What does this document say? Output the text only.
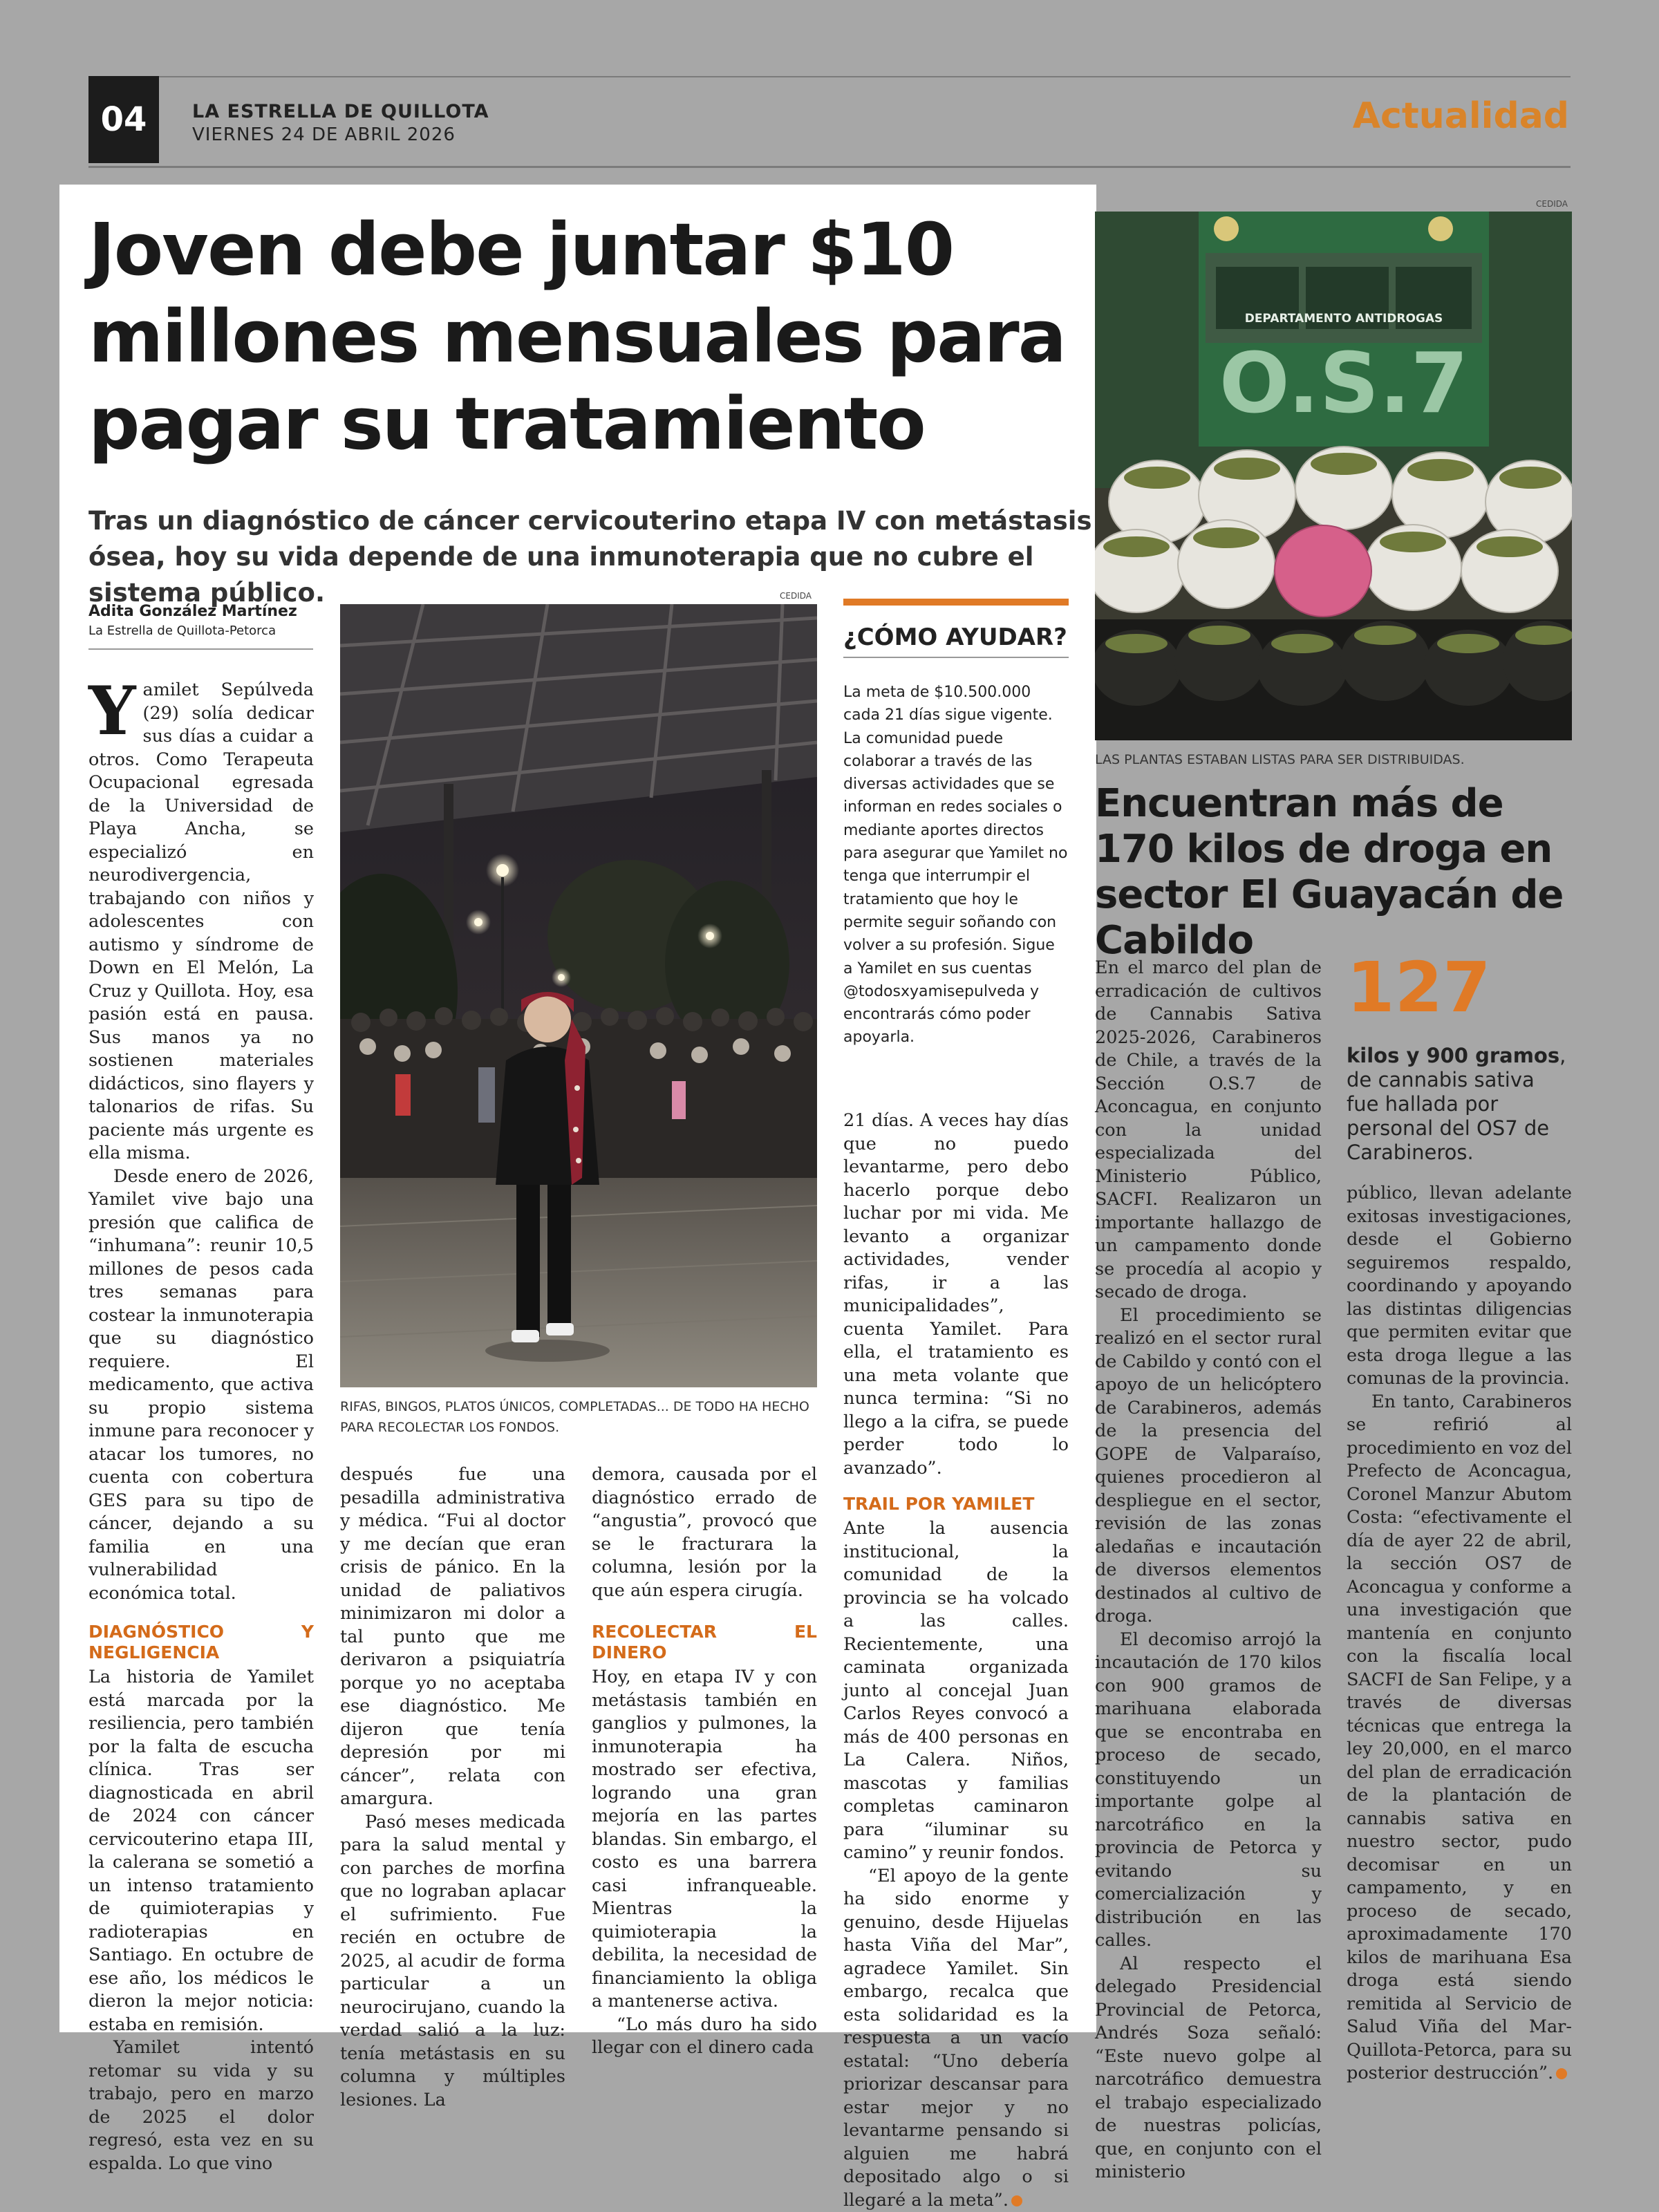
04	LA ESTRELLA DE QUILLOTA
VIERNES 24 DE ABRIL 2026	Actualidad
Joven debe juntar $10 millones mensuales para pagar su tratamiento

Tras un diagnóstico de cáncer cervicouterino etapa IV con metástasis ósea, hoy su vida depende de una inmunoterapia que no cubre el sistema público.

Adita González Martínez
La Estrella de Quillota-Petorca

Yamilet Sepúlveda (29) solía dedicar sus días a cuidar a otros. Como Terapeuta Ocupacional egresada de la Universidad de Playa Ancha, se especializó en neurodivergencia, trabajando con niños y adolescentes con autismo y síndrome de Down en El Melón, La Cruz y Quillota. Hoy, esa pasión está en pausa. Sus manos ya no sostienen materiales didácticos, sino flayers y talonarios de rifas. Su paciente más urgente es ella misma.

Desde enero de 2026, Yamilet vive bajo una presión que califica de “inhumana”: reunir 10,5 millones de pesos cada tres semanas para costear la inmunoterapia que su diagnóstico requiere. El medicamento, que activa su propio sistema inmune para reconocer y atacar los tumores, no cuenta con cobertura GES para su tipo de cáncer, dejando a su familia en una vulnerabilidad económica total.

DIAGNÓSTICO Y NEGLIGENCIA

La historia de Yamilet está marcada por la resiliencia, pero también por la falta de escucha clínica. Tras ser diagnosticada en abril de 2024 con cáncer cervicouterino etapa III, la calerana se sometió a un intenso tratamiento de quimioterapias y radioterapias en Santiago. En octubre de ese año, los médicos le dieron la mejor noticia: estaba en remisión.

Yamilet intentó retomar su vida y su trabajo, pero en marzo de 2025 el dolor regresó, esta vez en su espalda. Lo que vino

CEDIDA
RIFAS, BINGOS, PLATOS ÚNICOS, COMPLETADAS... DE TODO HA HECHO PARA RECOLECTAR LOS FONDOS.
¿CÓMO AYUDAR?

La meta de $10.500.000 cada 21 días sigue vigente. La comunidad puede colaborar a través de las diversas actividades que se informan en redes sociales o mediante aportes directos para asegurar que Yamilet no tenga que interrumpir el tratamiento que hoy le permite seguir soñando con volver a su profesión. Sigue a Yamilet en sus cuentas @todosxyamisepulveda y encontrarás cómo poder apoyarla.

después fue una pesadilla administrativa y médica. “Fui al doctor y me decían que eran crisis de pánico. En la unidad de paliativos minimizaron mi dolor a tal punto que me derivaron a psiquiatría porque yo no aceptaba ese diagnóstico. Me dijeron que tenía depresión por mi cáncer”, relata con amargura.

Pasó meses medicada para la salud mental y con parches de morfina que no lograban aplacar el sufrimiento. Fue recién en octubre de 2025, al acudir de forma particular a un neurocirujano, cuando la verdad salió a la luz: tenía metástasis en su columna y múltiples lesiones. La

demora, causada por el diagnóstico errado de “angustia”, provocó que se le fracturara la columna, lesión por la que aún espera cirugía.

RECOLECTAR EL DINERO

Hoy, en etapa IV y con metástasis también en ganglios y pulmones, la inmunoterapia ha mostrado ser efectiva, logrando una gran mejoría en las partes blandas. Sin embargo, el costo es una barrera casi infranqueable. Mientras la quimioterapia la debilita, la necesidad de financiamiento la obliga a mantenerse activa.

“Lo más duro ha sido llegar con el dinero cada

21 días. A veces hay días que no puedo levantarme, pero debo hacerlo porque debo luchar por mi vida. Me levanto a organizar actividades, vender rifas, ir a las municipalidades”, cuenta Yamilet. Para ella, el tratamiento es una meta volante que nunca termina: “Si no llego a la cifra, se puede perder todo lo avanzado”.

TRAIL POR YAMILET

Ante la ausencia institucional, la comunidad de la provincia se ha volcado a las calles. Recientemente, una caminata organizada junto al concejal Juan Carlos Reyes convocó a más de 400 personas en La Calera. Niños, mascotas y familias completas caminaron para “iluminar su camino” y reunir fondos.

“El apoyo de la gente ha sido enorme y genuino, desde Hijuelas hasta Viña del Mar”, agradece Yamilet. Sin embargo, recalca que esta solidaridad es la respuesta a un vacío estatal: “Uno debería priorizar descansar para estar mejor y no levantarme pensando si alguien me habrá depositado algo o si llegaré a la meta”.

CEDIDA
DEPARTAMENTO ANTIDROGAS
O.S.7
LAS PLANTAS ESTABAN LISTAS PARA SER DISTRIBUIDAS.
Encuentran más de 170 kilos de droga en sector El Guayacán de Cabildo
127

kilos y 900 gramos, de cannabis sativa fue hallada por personal del OS7 de Carabineros.

En el marco del plan de erradicación de cultivos de Cannabis Sativa 2025-2026, Carabineros de Chile, a través de la Sección O.S.7 de Aconcagua, en conjunto con la unidad especializada del Ministerio Público, SACFI. Realizaron un importante hallazgo de un campamento donde se procedía al acopio y secado de droga.

El procedimiento se realizó en el sector rural de Cabildo y contó con el apoyo de un helicóptero de Carabineros, además de la presencia del GOPE de Valparaíso, quienes procedieron al despliegue en el sector, revisión de las zonas aledañas e incautación de diversos elementos destinados al cultivo de droga.

El decomiso arrojó la incautación de 170 kilos con 900 gramos de marihuana elaborada que se encontraba en proceso de secado, constituyendo un importante golpe al narcotráfico en la provincia de Petorca y evitando su comercialización y distribución en las calles.

Al respecto el delegado Presidencial Provincial de Petorca, Andrés Soza señaló: “Este nuevo golpe al narcotráfico demuestra el trabajo especializado de nuestras policías, que, en conjunto con el ministerio

público, llevan adelante exitosas investigaciones, desde el Gobierno seguiremos respaldo, coordinando y apoyando las distintas diligencias que permiten evitar que esta droga llegue a las comunas de la provincia.

En tanto, Carabineros se refirió al procedimiento en voz del Prefecto de Aconcagua, Coronel Manzur Abutom Costa: “efectivamente el día de ayer 22 de abril, la sección OS7 de Aconcagua y conforme a una investigación que mantenía en conjunto con la fiscalía local SACFI de San Felipe, y a través de diversas técnicas que entrega la ley 20,000, en el marco del plan de erradicación de la plantación de cannabis sativa en nuestro sector, pudo decomisar en un campamento, y en proceso de secado, aproximadamente 170 kilos de marihuana Esa droga está siendo remitida al Servicio de Salud Viña del Mar-Quillota-Petorca, para su posterior destrucción”.
